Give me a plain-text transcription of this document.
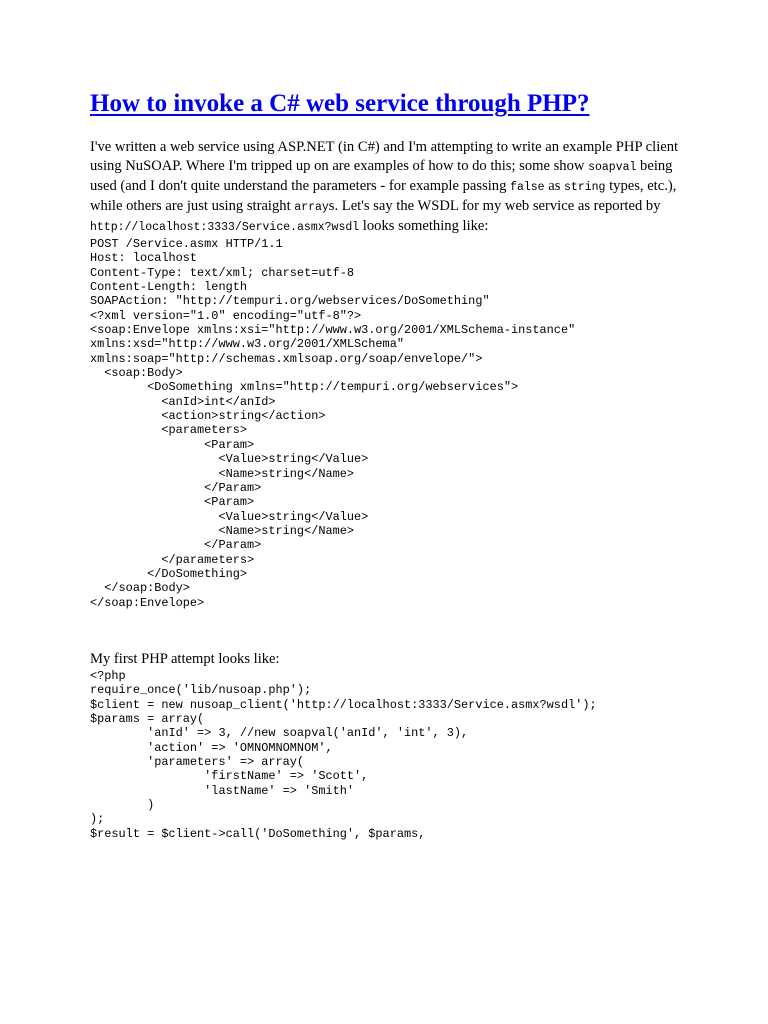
How to invoke a C# web service through PHP?

I've written a web service using ASP.NET (in C#) and I'm attempting to write an example PHP client using NuSOAP. Where I'm tripped up on are examples of how to do this; some show soapval being used (and I don't quite understand the parameters - for example passing false as string types, etc.), while others are just using straight arrays. Let's say the WSDL for my web service as reported by http://localhost:3333/Service.asmx?wsdl looks something like:

POST /Service.asmx HTTP/1.1
Host: localhost
Content-Type: text/xml; charset=utf-8
Content-Length: length
SOAPAction: "http://tempuri.org/webservices/DoSomething"
<?xml version="1.0" encoding="utf-8"?>
<soap:Envelope xmlns:xsi="http://www.w3.org/2001/XMLSchema-instance"
xmlns:xsd="http://www.w3.org/2001/XMLSchema"
xmlns:soap="http://schemas.xmlsoap.org/soap/envelope/">
<soap:Body>
<DoSomething xmlns="http://tempuri.org/webservices">
<anId>int</anId>
<action>string</action>
<parameters>
<Param>
<Value>string</Value>
<Name>string</Name>
</Param>
<Param>
<Value>string</Value>
<Name>string</Name>
</Param>
</parameters>
</DoSomething>
</soap:Body>
</soap:Envelope>

My first PHP attempt looks like:

<?php
require_once('lib/nusoap.php');
$client = new nusoap_client('http://localhost:3333/Service.asmx?wsdl');
$params = array(
'anId' => 3, //new soapval('anId', 'int', 3),
'action' => 'OMNOMNOMNOM',
'parameters' => array(
'firstName' => 'Scott',
'lastName' => 'Smith'
)
);
$result = $client->call('DoSomething', $params,
